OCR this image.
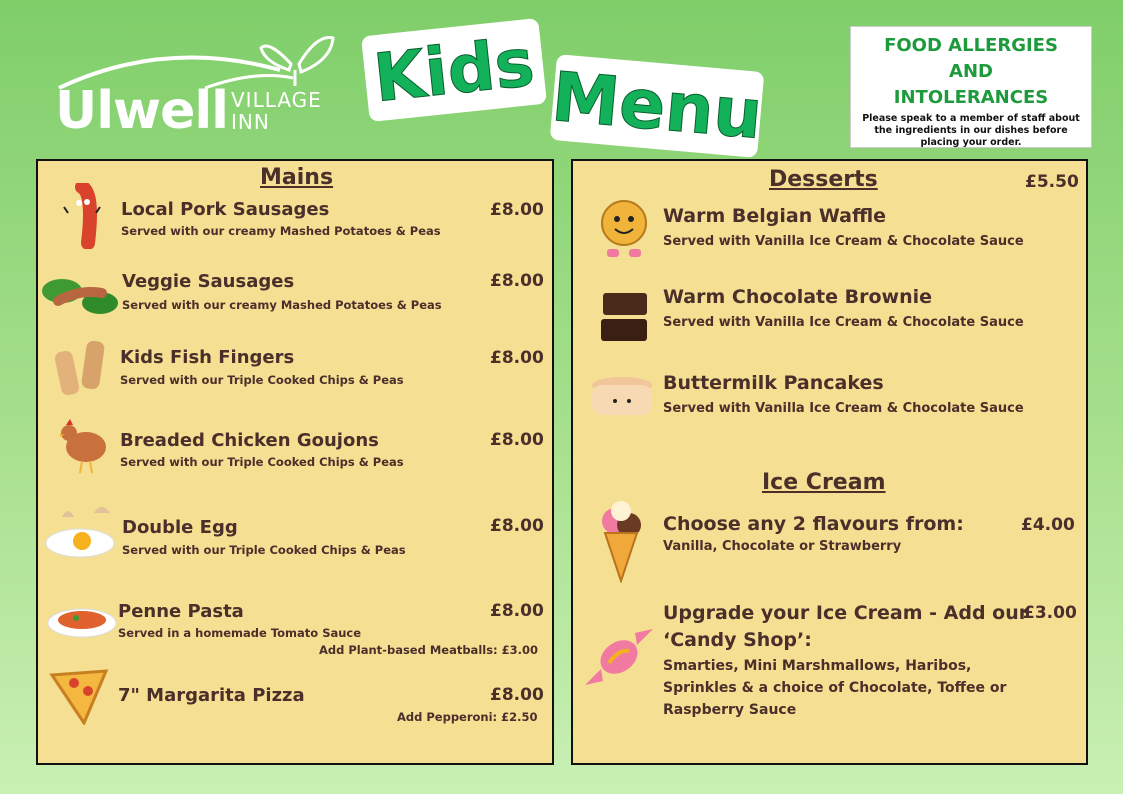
Ulwell VILLAGE
INN
Kids Menu
FOOD ALLERGIES
AND
INTOLERANCES
Please speak to a member of staff about the ingredients in our dishes before placing your order.
Mains
Local Pork Sausages
Served with our creamy Mashed Potatoes & Peas
£8.00
Veggie Sausages
Served with our creamy Mashed Potatoes & Peas
£8.00
Kids Fish Fingers
Served with our Triple Cooked Chips & Peas
£8.00
Breaded Chicken Goujons
Served with our Triple Cooked Chips & Peas
£8.00
Double Egg
Served with our Triple Cooked Chips & Peas
£8.00
Penne Pasta
Served in a homemade Tomato Sauce
£8.00
Add Plant-based Meatballs: £3.00
7" Margarita Pizza	£8.00
Add Pepperoni: £2.50
Desserts	£5.50
Warm Belgian Waffle
Served with Vanilla Ice Cream & Chocolate Sauce
Warm Chocolate Brownie
Served with Vanilla Ice Cream & Chocolate Sauce
Buttermilk Pancakes
Served with Vanilla Ice Cream & Chocolate Sauce
Ice Cream
Choose any 2 flavours from:
Vanilla, Chocolate or Strawberry
£4.00
Upgrade your Ice Cream - Add our
‘Candy Shop’:
£3.00
Smarties, Mini Marshmallows, Haribos,
Sprinkles & a choice of Chocolate, Toffee or
Raspberry Sauce
